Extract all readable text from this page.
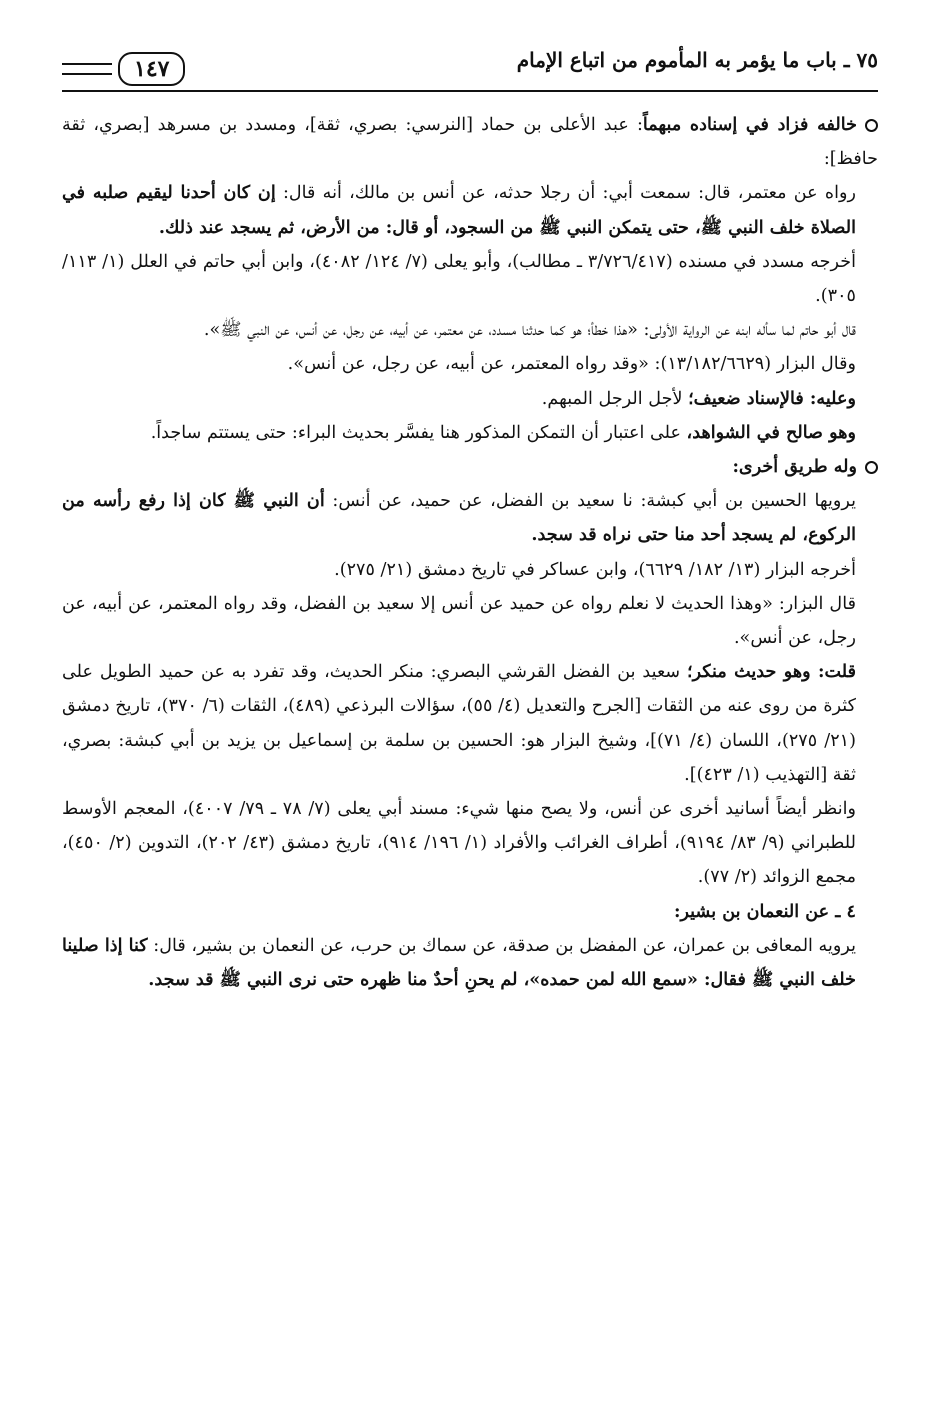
٧٥ ـ باب ما يؤمر به المأموم من اتباع الإمام
١٤٧

خالفه فزاد في إسناده مبهماً: عبد الأعلى بن حماد [النرسي: بصري، ثقة]، ومسدد بن مسرهد [بصري، ثقة حافظ]:

رواه عن معتمر، قال: سمعت أبي: أن رجلا حدثه، عن أنس بن مالك، أنه قال: إن كان أحدنا ليقيم صلبه في الصلاة خلف النبي ﷺ، حتى يتمكن النبي ﷺ من السجود، أو قال: من الأرض، ثم يسجد عند ذلك.

أخرجه مسدد في مسنده (٣/٧٢٦/٤١٧ ـ مطالب)، وأبو يعلى (٧/ ١٢٤/ ٤٠٨٢)، وابن أبي حاتم في العلل (١/ ١١٣/ ٣٠٥).

قال أبو حاتم لما سأله ابنه عن الرواية الأولى: «هذا خطأ؛ هو كما حدثنا مسدد، عن معتمر، عن أبيه، عن رجل، عن أنس، عن النبي ﷺ».

وقال البزار (١٣/١٨٢/٦٦٢٩): «وقد رواه المعتمر، عن أبيه، عن رجل، عن أنس».

وعليه: فالإسناد ضعيف؛ لأجل الرجل المبهم.

وهو صالح في الشواهد، على اعتبار أن التمكن المذكور هنا يفسَّر بحديث البراء: حتى يستتم ساجداً.

وله طريق أخرى:

يرويها الحسين بن أبي كبشة: نا سعيد بن الفضل، عن حميد، عن أنس: أن النبي ﷺ كان إذا رفع رأسه من الركوع، لم يسجد أحد منا حتى نراه قد سجد.

أخرجه البزار (١٣/ ١٨٢/ ٦٦٢٩)، وابن عساكر في تاريخ دمشق (٢١/ ٢٧٥).

قال البزار: «وهذا الحديث لا نعلم رواه عن حميد عن أنس إلا سعيد بن الفضل، وقد رواه المعتمر، عن أبيه، عن رجل، عن أنس».

قلت: وهو حديث منكر؛ سعيد بن الفضل القرشي البصري: منكر الحديث، وقد تفرد به عن حميد الطويل على كثرة من روى عنه من الثقات [الجرح والتعديل (٤/ ٥٥)، سؤالات البرذعي (٤٨٩)، الثقات (٦/ ٣٧٠)، تاريخ دمشق (٢١/ ٢٧٥)، اللسان (٤/ ٧١)]، وشيخ البزار هو: الحسين بن سلمة بن إسماعيل بن يزيد بن أبي كبشة: بصري، ثقة [التهذيب (١/ ٤٢٣)].

وانظر أيضاً أسانيد أخرى عن أنس، ولا يصح منها شيء: مسند أبي يعلى (٧/ ٧٨ ـ ٧٩/ ٤٠٠٧)، المعجم الأوسط للطبراني (٩/ ٨٣/ ٩١٩٤)، أطراف الغرائب والأفراد (١/ ١٩٦/ ٩١٤)، تاريخ دمشق (٤٣/ ٢٠٢)، التدوين (٢/ ٤٥٠)، مجمع الزوائد (٢/ ٧٧).

٤ ـ عن النعمان بن بشير:

يرويه المعافى بن عمران، عن المفضل بن صدقة، عن سماك بن حرب، عن النعمان بن بشير، قال: كنا إذا صلينا خلف النبي ﷺ فقال: «سمع الله لمن حمده»، لم يحنِ أحدٌ منا ظهره حتى نرى النبي ﷺ قد سجد.
